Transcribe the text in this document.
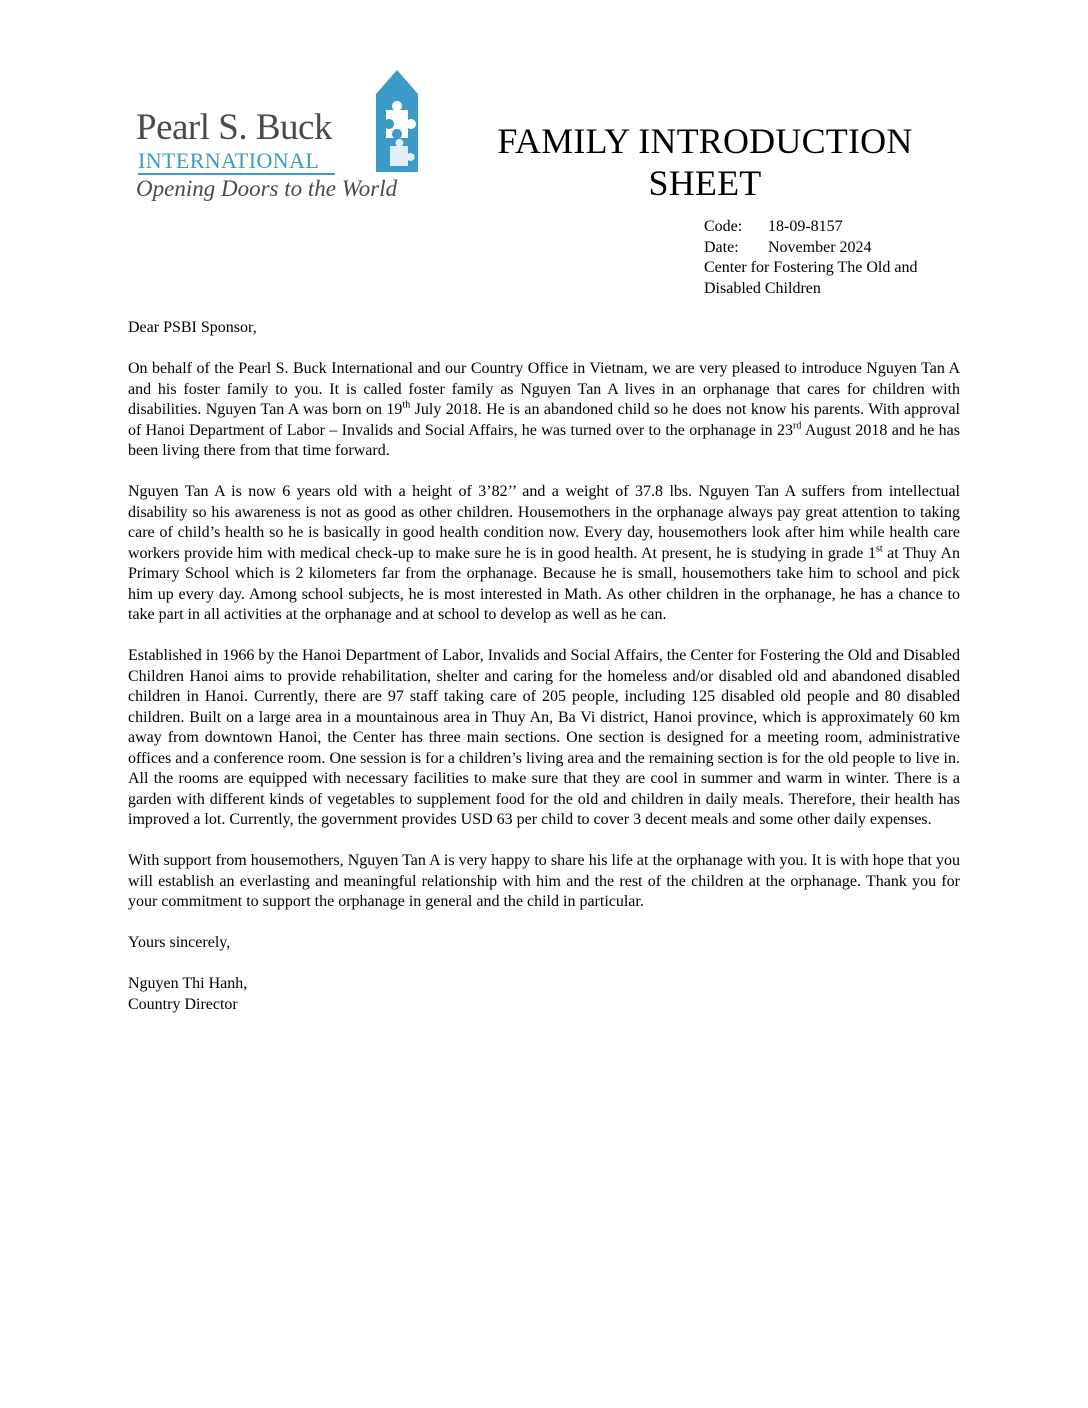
Pearl S. Buck
INTERNATIONAL
Opening Doors to the World
FAMILY INTRODUCTION
SHEET
Code: 18-09-8157
Date: November 2024
Center for Fostering The Old and
Disabled Children

Dear PSBI Sponsor,

On behalf of the Pearl S. Buck International and our Country Office in Vietnam, we are very pleased to introduce Nguyen Tan A and his foster family to you. It is called foster family as Nguyen Tan A lives in an orphanage that cares for children with disabilities. Nguyen Tan A was born on 19th July 2018. He is an abandoned child so he does not know his parents. With approval of Hanoi Department of Labor – Invalids and Social Affairs, he was turned over to the orphanage in 23rd August 2018 and he has been living there from that time forward.

Nguyen Tan A is now 6 years old with a height of 3’82’’ and a weight of 37.8 lbs. Nguyen Tan A suffers from intellectual disability so his awareness is not as good as other children. Housemothers in the orphanage always pay great attention to taking care of child’s health so he is basically in good health condition now. Every day, housemothers look after him while health care workers provide him with medical check-up to make sure he is in good health. At present, he is studying in grade 1st at Thuy An Primary School which is 2 kilometers far from the orphanage. Because he is small, housemothers take him to school and pick him up every day. Among school subjects, he is most interested in Math. As other children in the orphanage, he has a chance to take part in all activities at the orphanage and at school to develop as well as he can.

Established in 1966 by the Hanoi Department of Labor, Invalids and Social Affairs, the Center for Fostering the Old and Disabled Children Hanoi aims to provide rehabilitation, shelter and caring for the homeless and/or disabled old and abandoned disabled children in Hanoi. Currently, there are 97 staff taking care of 205 people, including 125 disabled old people and 80 disabled children. Built on a large area in a mountainous area in Thuy An, Ba Vi district, Hanoi province, which is approximately 60 km away from downtown Hanoi, the Center has three main sections. One section is designed for a meeting room, administrative offices and a conference room. One session is for a children’s living area and the remaining section is for the old people to live in. All the rooms are equipped with necessary facilities to make sure that they are cool in summer and warm in winter. There is a garden with different kinds of vegetables to supplement food for the old and children in daily meals. Therefore, their health has improved a lot. Currently, the government provides USD 63 per child to cover 3 decent meals and some other daily expenses.

With support from housemothers, Nguyen Tan A is very happy to share his life at the orphanage with you. It is with hope that you will establish an everlasting and meaningful relationship with him and the rest of the children at the orphanage. Thank you for your commitment to support the orphanage in general and the child in particular.

Yours sincerely,

Nguyen Thi Hanh,
Country Director
